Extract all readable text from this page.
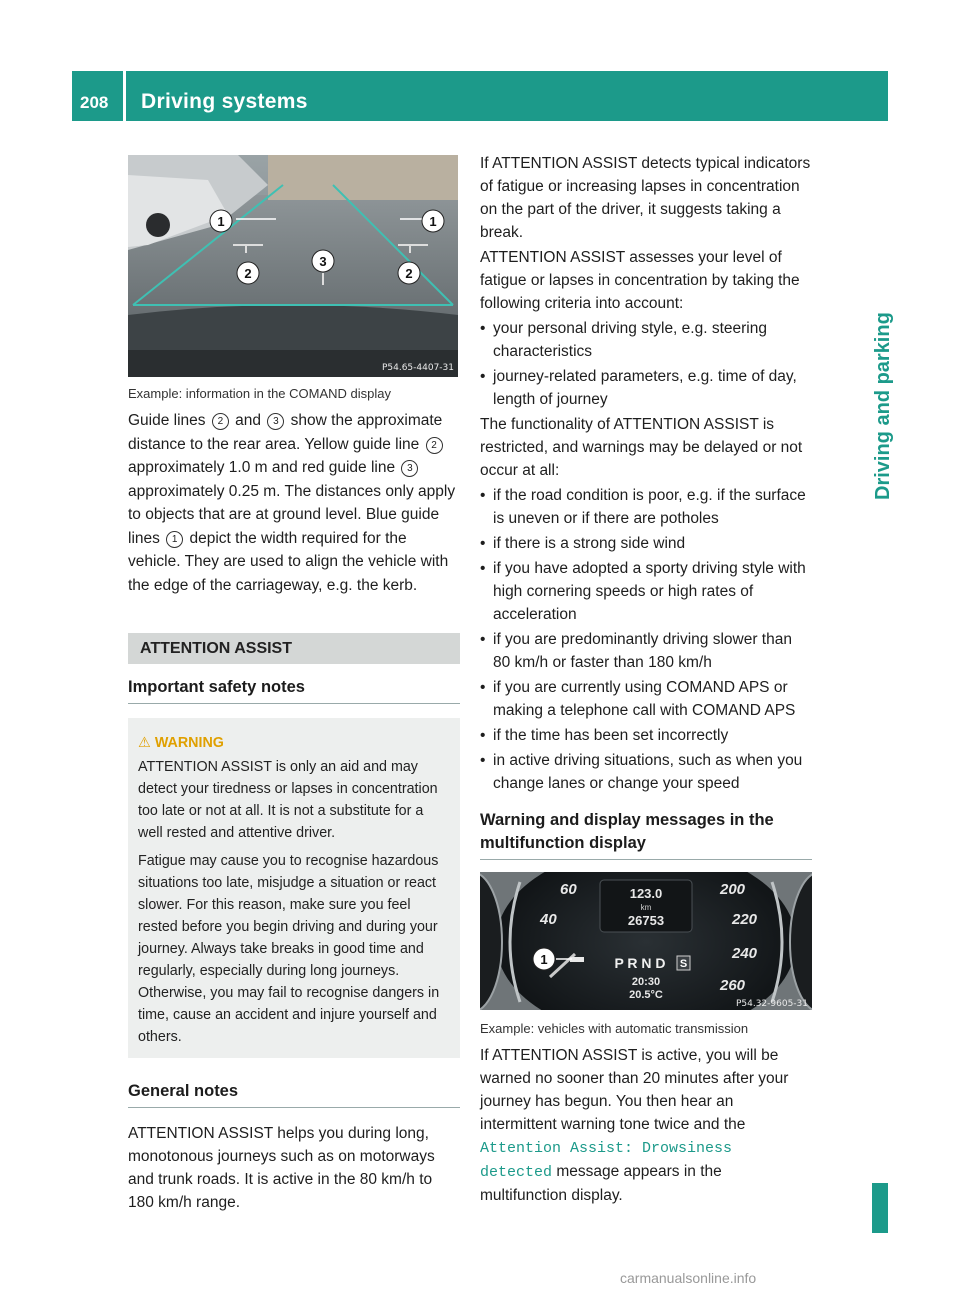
208 Driving systems
Driving and parking
1	1
2
3
2
P54.65-4407-31
Example: information in the COMAND display

Guide lines 2 and 3 show the approximate distance to the rear area. Yellow guide line 2 approximately 1.0 m and red guide line 3 approximately 0.25 m. The distances only apply to objects that are at ground level. Blue guide lines 1 depict the width required for the vehicle. They are used to align the vehicle with the edge of the carriageway, e.g. the kerb.

ATTENTION ASSIST
Important safety notes
⚠ WARNING

ATTENTION ASSIST is only an aid and may detect your tiredness or lapses in concentration too late or not at all. It is not a substitute for a well rested and attentive driver.

Fatigue may cause you to recognise hazardous situations too late, misjudge a situation or react slower. For this reason, make sure you feel rested before you begin driving and during your journey. Always take breaks in good time and regularly, especially during long journeys. Otherwise, you may fail to recognise dangers in time, cause an accident and injure yourself and others.

General notes

ATTENTION ASSIST helps you during long, monotonous journeys such as on motorways and trunk roads. It is active in the 80 km/h to 180 km/h range.

If ATTENTION ASSIST detects typical indicators of fatigue or increasing lapses in concentration on the part of the driver, it suggests taking a break.

ATTENTION ASSIST assesses your level of fatigue or lapses in concentration by taking the following criteria into account:

• your personal driving style, e.g. steering characteristics

• journey-related parameters, e.g. time of day, length of journey

The functionality of ATTENTION ASSIST is restricted, and warnings may be delayed or not occur at all:

• if the road condition is poor, e.g. if the surface is uneven or if there are potholes

• if there is a strong side wind

• if you have adopted a sporty driving style with high cornering speeds or high rates of acceleration

• if you are predominantly driving slower than 80 km/h or faster than 180 km/h

• if you are currently using COMAND APS or making a telephone call with COMAND APS

• if the time has been set incorrectly

• in active driving situations, such as when you change lanes or change your speed

Warning and display messages in the multifunction display
123.0
km
26753
60
40
200
220
240
260
P R N D S
20:30
20.5°C
1
P54.32-9605-31
Example: vehicles with automatic transmission

If ATTENTION ASSIST is active, you will be warned no sooner than 20 minutes after your journey has begun. You then hear an intermittent warning tone twice and the Attention Assist: Drowsiness detected message appears in the multifunction display.

carmanualsonline.info
